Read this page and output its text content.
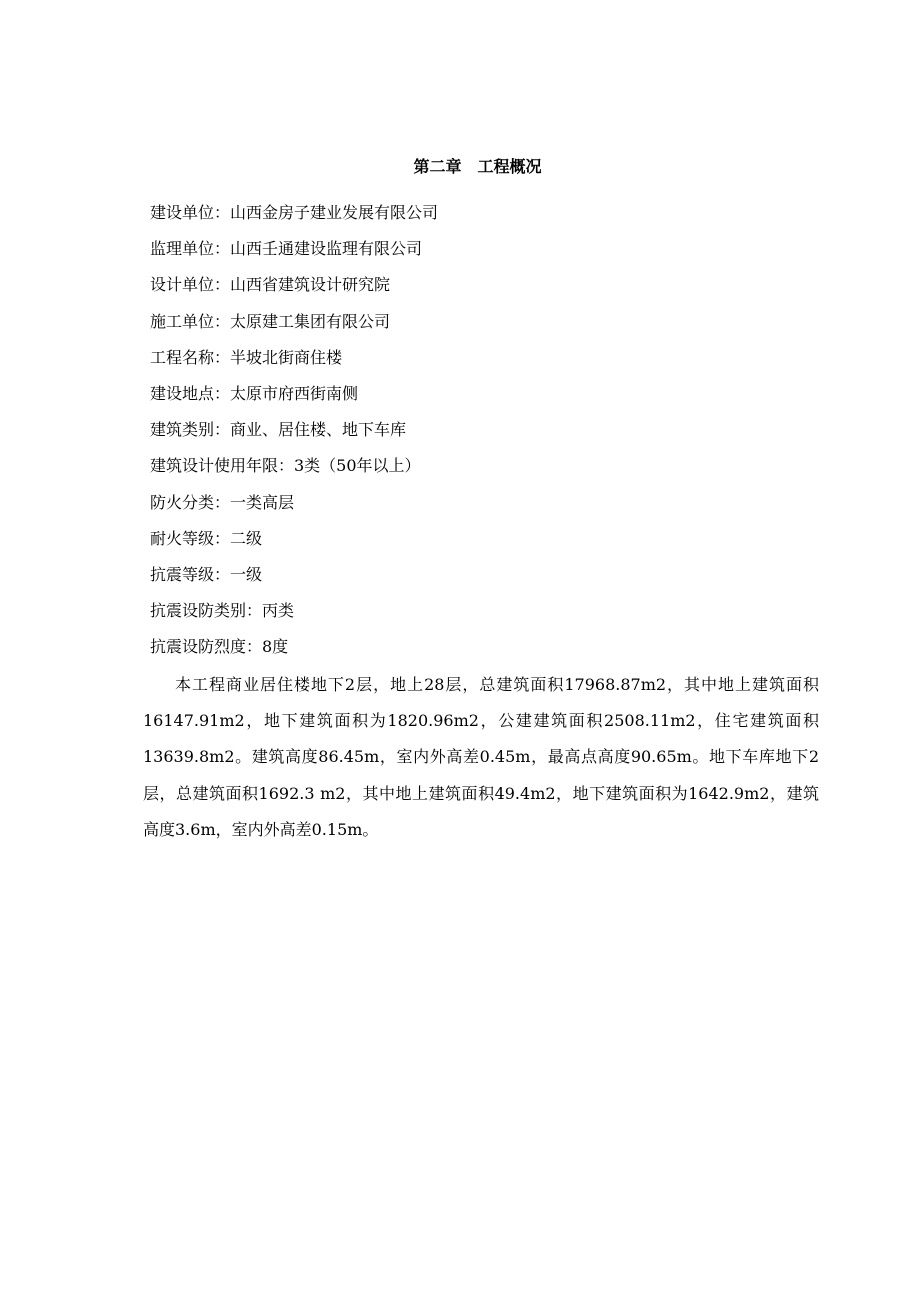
第二章　工程概况
建设单位：山西金房子建业发展有限公司
监理单位：山西壬通建设监理有限公司
设计单位：山西省建筑设计研究院
施工单位：太原建工集团有限公司
工程名称：半坡北街商住楼
建设地点：太原市府西街南侧
建筑类别：商业、居住楼、地下车库
建筑设计使用年限：3类（50年以上）
防火分类：一类高层
耐火等级：二级
抗震等级：一级
抗震设防类别：丙类
抗震设防烈度：8度

本工程商业居住楼地下2层，地上28层，总建筑面积17968.87m2，其中地上建筑面积16147.91m2，地下建筑面积为1820.96m2，公建建筑面积2508.11m2，住宅建筑面积13639.8m2。建筑高度86.45m，室内外高差0.45m，最高点高度90.65m。地下车库地下2层，总建筑面积1692.3 m2，其中地上建筑面积49.4m2，地下建筑面积为1642.9m2，建筑高度3.6m，室内外高差0.15m。
